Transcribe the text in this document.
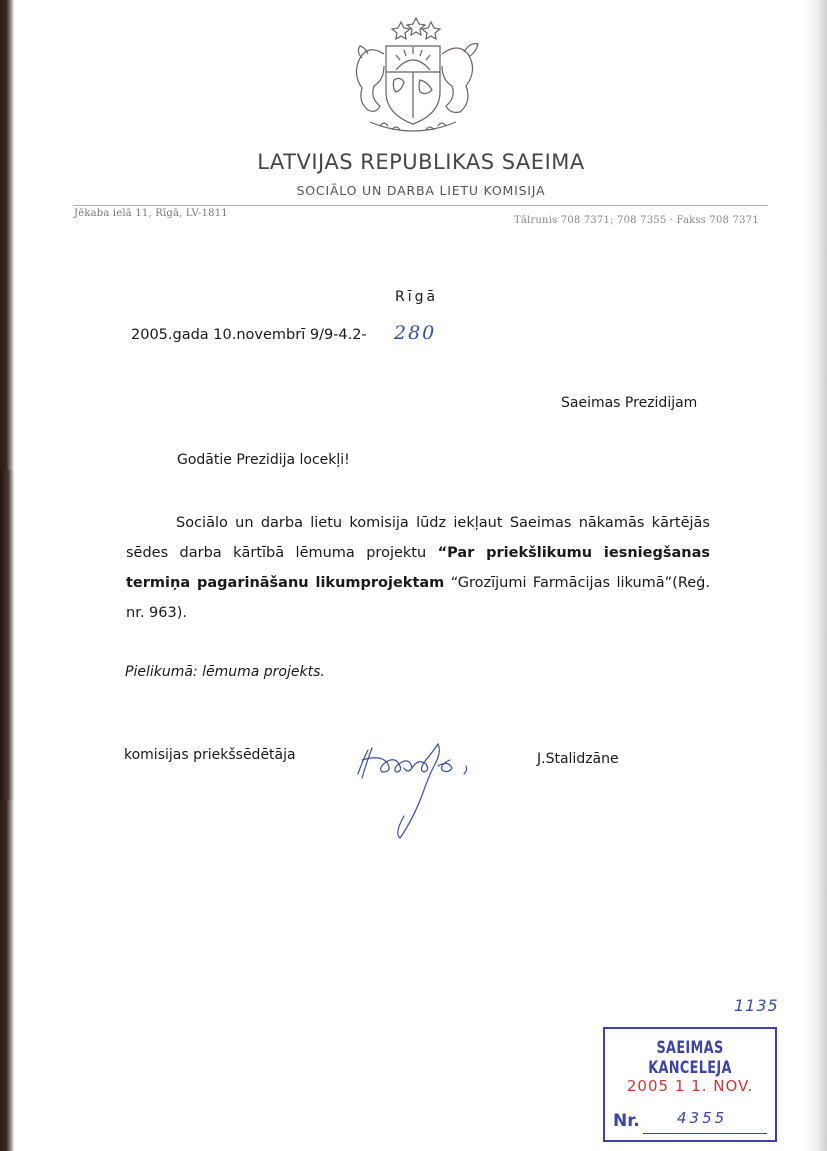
LATVIJAS REPUBLIKAS SAEIMA
SOCIĀLO UN DARBA LIETU KOMISIJA
Jēkaba ielā 11, Rīgā, LV-1811
Tālrunis 708 7371; 708 7355 · Fakss 708 7371
Rīgā
2005.gada 10.novembrī 9/9-4.2- 280
Saeimas Prezidijam
Godātie Prezidija locekļi!

Sociālo un darba lietu komisija lūdz iekļaut Saeimas nākamās kārtējās sēdes darba kārtībā lēmuma projektu “Par priekšlikumu iesniegšanas termiņa pagarināšanu likumprojektam “Grozījumi Farmācijas likumā”(Reģ. nr. 963).

Pielikumā: lēmuma projekts.
komisijas priekšsēdētāja	J.Stalidzāne
1135
SAEIMAS KANCELEJA
2005 1 1. NOV.
Nr. 4355
